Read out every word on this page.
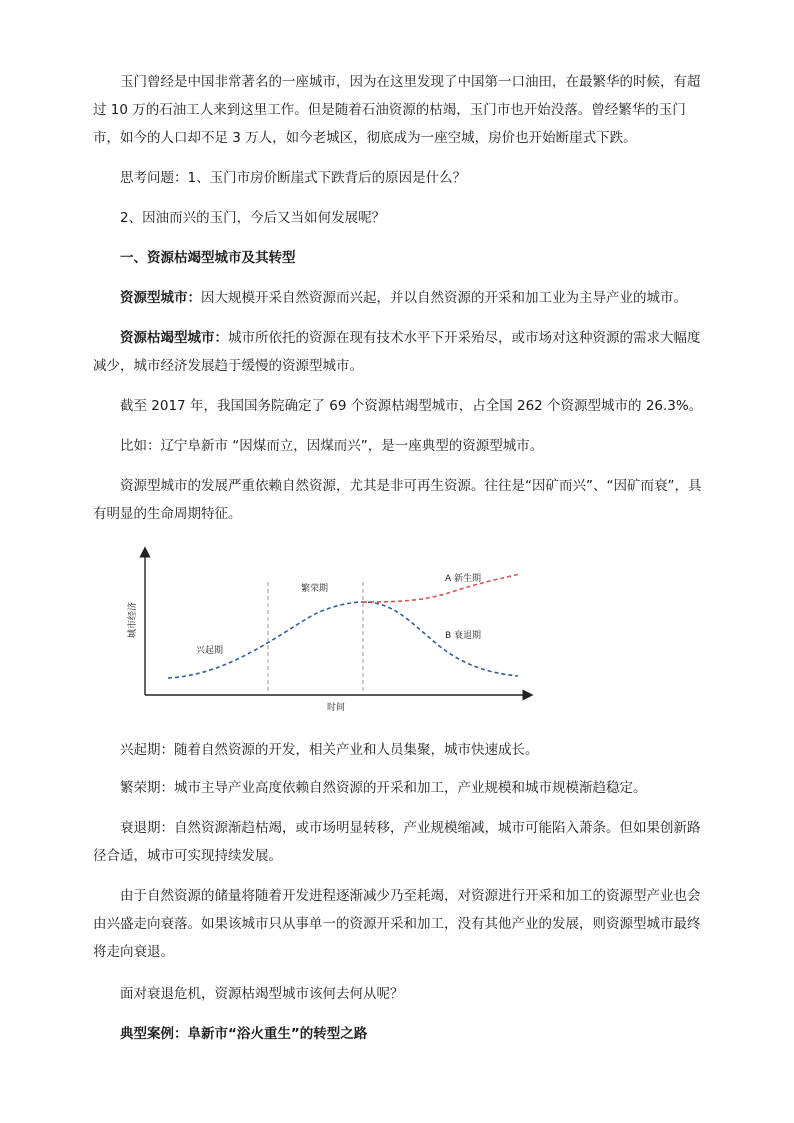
玉门曾经是中国非常著名的一座城市，因为在这里发现了中国第一口油田，在最繁华的时候，有超过 10 万的石油工人来到这里工作。但是随着石油资源的枯竭，玉门市也开始没落。曾经繁华的玉门市，如今的人口却不足 3 万人，如今老城区，彻底成为一座空城，房价也开始断崖式下跌。

思考问题：1、玉门市房价断崖式下跌背后的原因是什么？

2、因油而兴的玉门，今后又当如何发展呢？

一、资源枯竭型城市及其转型

资源型城市：因大规模开采自然资源而兴起，并以自然资源的开采和加工业为主导产业的城市。

资源枯竭型城市：城市所依托的资源在现有技术水平下开采殆尽，或市场对这种资源的需求大幅度减少，城市经济发展趋于缓慢的资源型城市。

截至 2017 年，我国国务院确定了 69 个资源枯竭型城市，占全国 262 个资源型城市的 26.3%。

比如：辽宁阜新市 “因煤而立，因煤而兴”，是一座典型的资源型城市。

资源型城市的发展严重依赖自然资源，尤其是非可再生资源。往往是“因矿而兴”、“因矿而衰”，具有明显的生命周期特征。

城市经济
时间
兴起期
繁荣期
A 新生期
B 衰退期

兴起期：随着自然资源的开发，相关产业和人员集聚，城市快速成长。

繁荣期：城市主导产业高度依赖自然资源的开采和加工，产业规模和城市规模渐趋稳定。

衰退期：自然资源渐趋枯竭，或市场明显转移，产业规模缩减，城市可能陷入萧条。但如果创新路径合适，城市可实现持续发展。

由于自然资源的储量将随着开发进程逐渐减少乃至耗竭，对资源进行开采和加工的资源型产业也会由兴盛走向衰落。如果该城市只从事单一的资源开采和加工，没有其他产业的发展，则资源型城市最终将走向衰退。

面对衰退危机，资源枯竭型城市该何去何从呢？

典型案例：阜新市“浴火重生”的转型之路
